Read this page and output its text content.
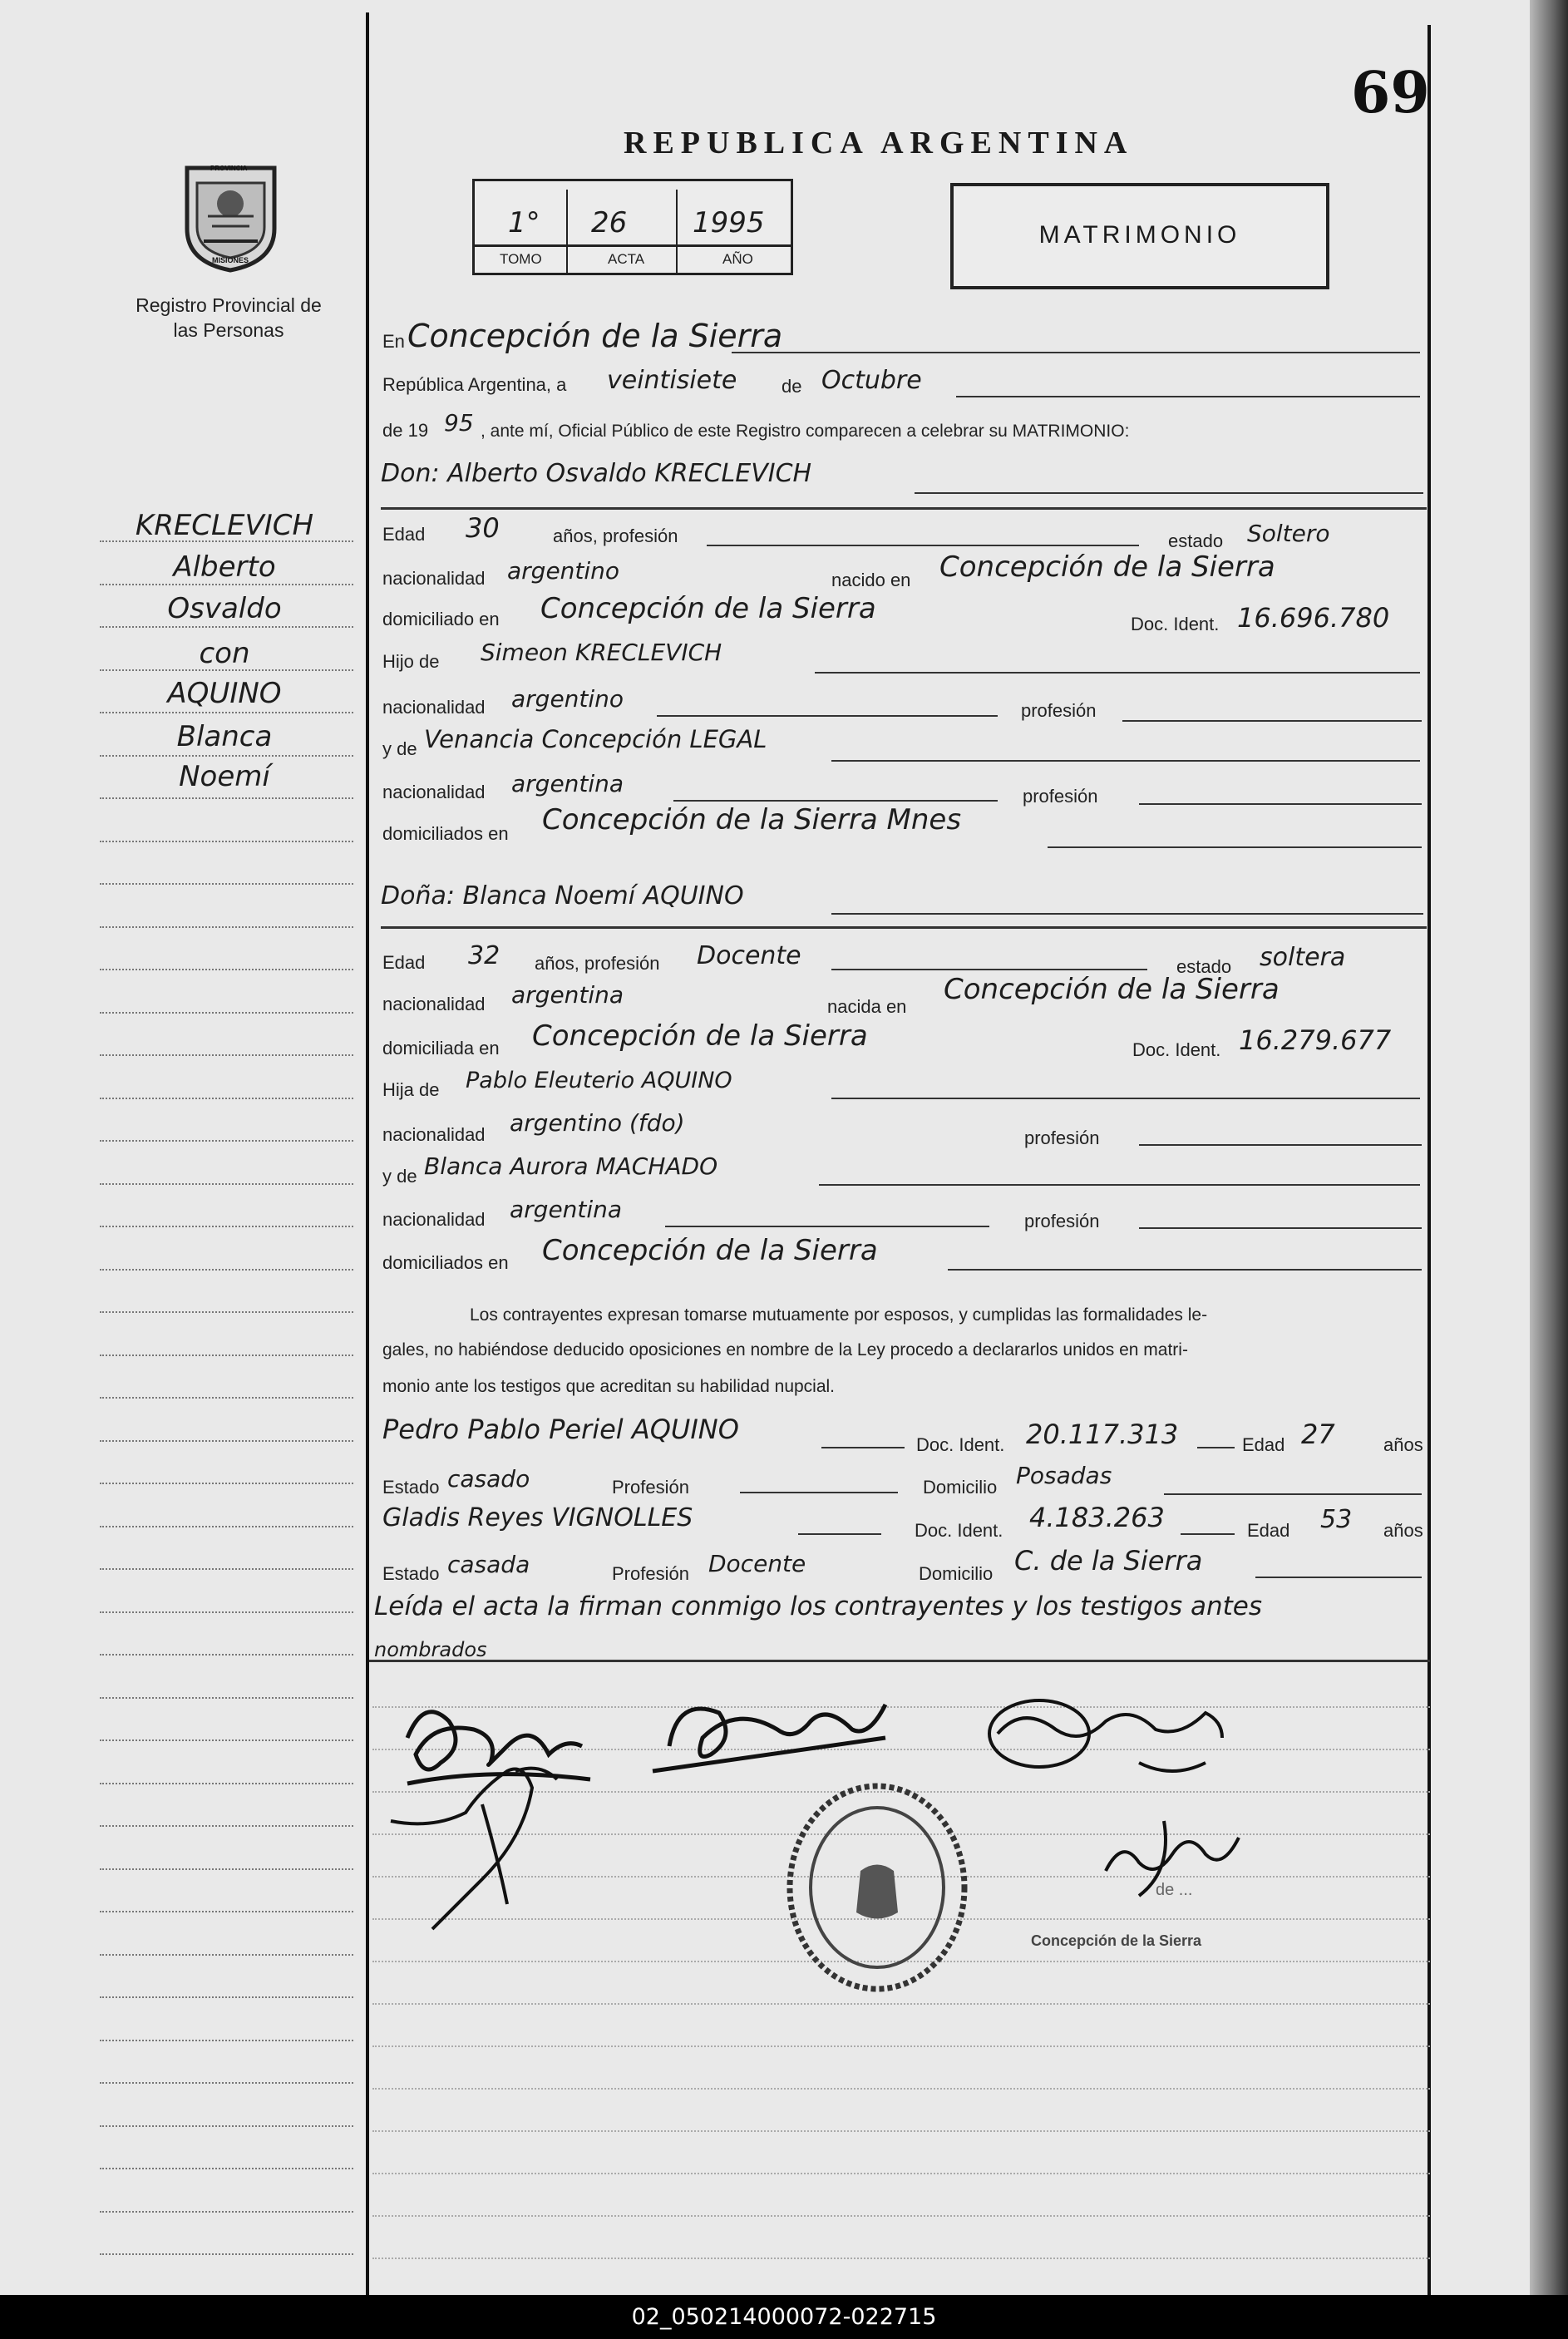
69
REPUBLICA ARGENTINA
PROVINCIA
MISIONES
Registro Provincial de las Personas
1° 26 1995
TOMO	ACTA	AÑO
MATRIMONIO
KRECLEVICH
Alberto
Osvaldo
con
AQUINO
Blanca
Noemí
En Concepción de la Sierra
República Argentina, a veintisiete de Octubre
de 19 95 , ante mí, Oficial Público de este Registro comparecen a celebrar su MATRIMONIO:
Don: Alberto Osvaldo KRECLEVICH
Edad 30	años, profesión	estado Soltero
nacionalidad argentino	nacido en Concepción de la Sierra
domiciliado en Concepción de la Sierra	Doc. Ident. 16.696.780
Hijo de Simeon KRECLEVICH
nacionalidad argentino	profesión
y de Venancia Concepción LEGAL
nacionalidad argentina	profesión
domiciliados en Concepción de la Sierra Mnes
Doña: Blanca Noemí AQUINO
Edad 32 años, profesión Docente	estado soltera
nacionalidad argentina	nacida en
Concepción de la Sierra
domiciliada en Concepción de la Sierra	Doc. Ident. 16.279.677
Hija de Pablo Eleuterio AQUINO
nacionalidad argentino (fdo)
profesión
y de Blanca Aurora MACHADO
nacionalidad argentina	profesión
domiciliados en Concepción de la Sierra
Los contrayentes expresan tomarse mutuamente por esposos, y cumplidas las formalidades le-
gales, no habiéndose deducido oposiciones en nombre de la Ley procedo a declararlos unidos en matri-
monio ante los testigos que acreditan su habilidad nupcial.
Pedro Pablo Periel AQUINO	Doc. Ident. 20.117.313	Edad 27	años
Estado casado	Profesión	Domicilio Posadas
Gladis Reyes VIGNOLLES	Doc. Ident. 4.183.263	Edad 53 años
Estado casada	Profesión Docente	Domicilio C. de la Sierra
Leída el acta la firman conmigo los contrayentes y los testigos antes
nombrados
de ...
Concepción de la Sierra
02_050214000072-022715
